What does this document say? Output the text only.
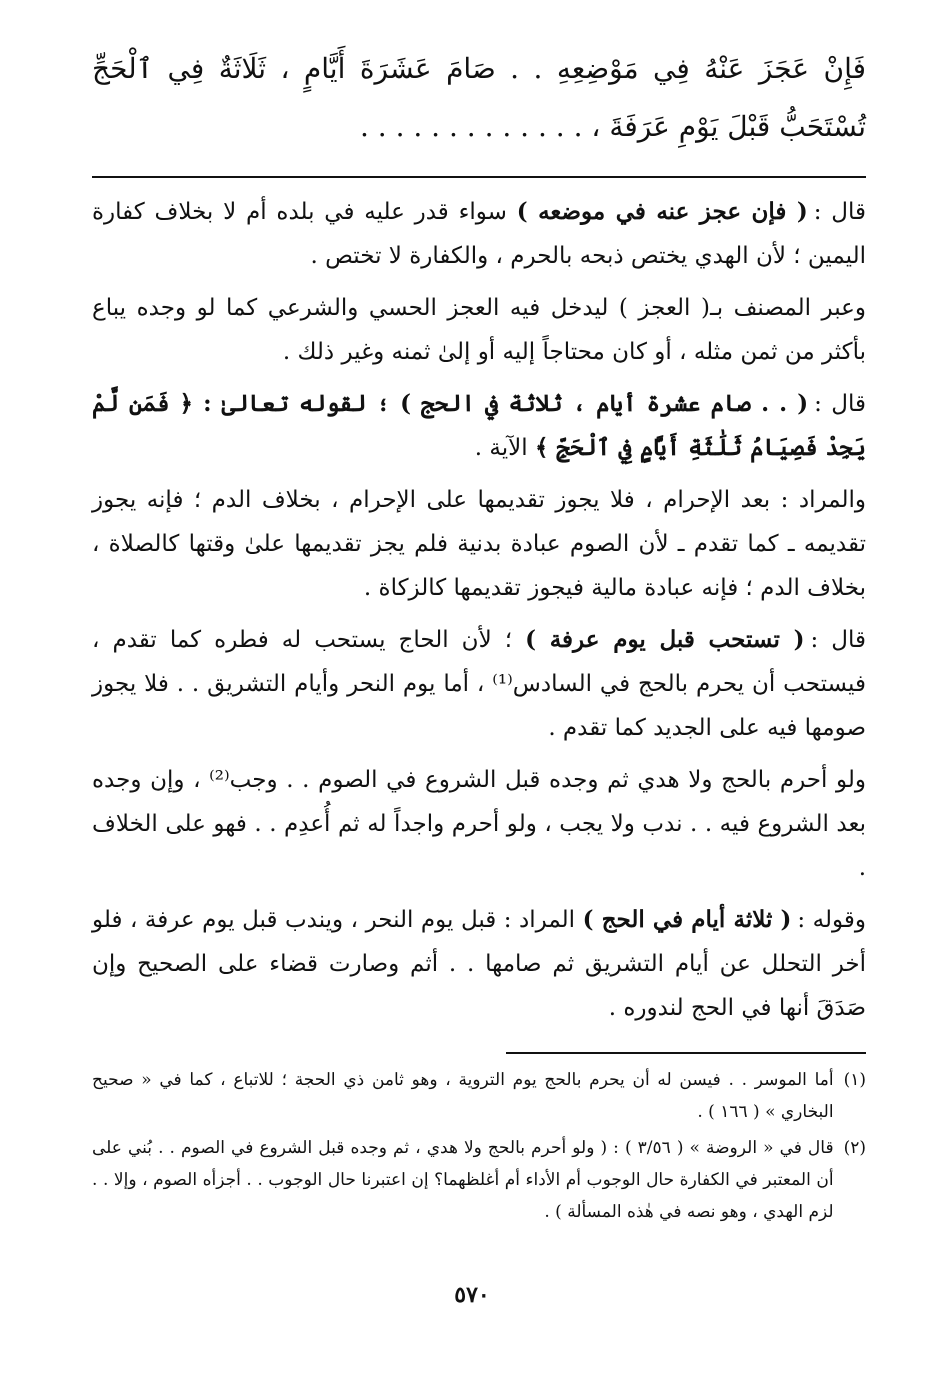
فَإِنْ عَجَزَ عَنْهُ فِي مَوْضِعِهِ . . صَامَ عَشَرَةَ أَيَّامٍ ، ثَلَاثَةٌ فِي ٱلْحَجِّ تُسْتَحَبُّ قَبْلَ يَوْمِ عَرَفَةَ ، . . . . . . . . . . . . .

قال :( فإن عجز عنه في موضعه ) سواء قدر عليه في بلده أم لا بخلاف كفارة اليمين ؛ لأن الهدي يختص ذبحه بالحرم ، والكفارة لا تختص .

وعبر المصنف بـ( العجز ) ليدخل فيه العجز الحسي والشرعي كما لو وجده يباع بأكثر من ثمن مثله ، أو كان محتاجاً إليه أو إلىٰ ثمنه وغير ذلك .

قال :( . . صام عشرة أيام ، ثلاثة في الحج ) ؛ لقوله تعالىٰ : ﴿ فَمَن لَّمْ يَجِدْ فَصِيَامُ ثَلَٰثَةِ أَيَّامٍ فِي ٱلْحَجِّ ﴾ الآية .

والمراد : بعد الإحرام ، فلا يجوز تقديمها على الإحرام ، بخلاف الدم ؛ فإنه يجوز تقديمه ـ كما تقدم ـ لأن الصوم عبادة بدنية فلم يجز تقديمها علىٰ وقتها كالصلاة ، بخلاف الدم ؛ فإنه عبادة مالية فيجوز تقديمها كالزكاة .

قال :( تستحب قبل يوم عرفة ) ؛ لأن الحاج يستحب له فطره كما تقدم ، فيستحب أن يحرم بالحج في السادس⁽¹⁾ ، أما يوم النحر وأيام التشريق . . فلا يجوز صومها فيه على الجديد كما تقدم .

ولو أحرم بالحج ولا هدي ثم وجده قبل الشروع في الصوم . . وجب⁽²⁾ ، وإن وجده بعد الشروع فيه . . ندب ولا يجب ، ولو أحرم واجداً له ثم أُعدِم . . فهو على الخلاف .

وقوله :( ثلاثة أيام في الحج ) المراد : قبل يوم النحر ، ويندب قبل يوم عرفة ، فلو أخر التحلل عن أيام التشريق ثم صامها . . أثم وصارت قضاء على الصحيح وإن صَدَقَ أنها في الحج لندوره .

(١)
أما الموسر . . فيسن له أن يحرم بالحج يوم التروية ، وهو ثامن ذي الحجة ؛ للاتباع ، كما في « صحيح البخاري » ( ١٦٦ ) .
(٢)
قال في « الروضة » ( ٣/٥٦ ) : ( ولو أحرم بالحج ولا هدي ، ثم وجده قبل الشروع في الصوم . . بُني على أن المعتبر في الكفارة حال الوجوب أم الأداء أم أغلظهما؟ إن اعتبرنا حال الوجوب . . أجزأه الصوم ، وإلا . . لزم الهدي ، وهو نصه في هٰذه المسألة ) .
٥٧٠
